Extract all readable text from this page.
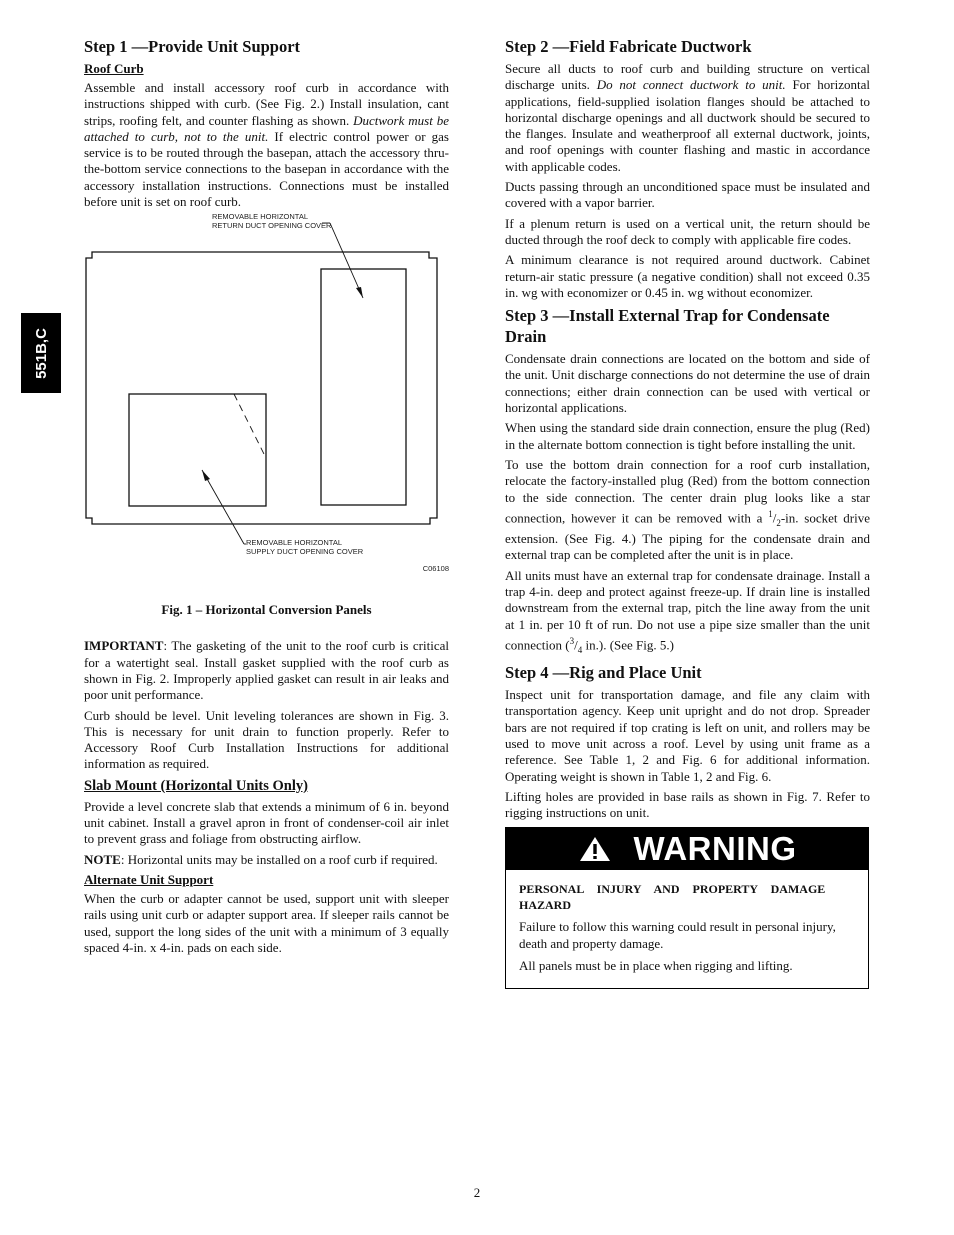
551B,C
Step 1 —Provide Unit Support
Roof Curb

Assemble and install accessory roof curb in accordance with instructions shipped with curb. (See Fig. 2.) Install insulation, cant strips, roofing felt, and counter flashing as shown. Ductwork must be attached to curb, not to the unit. If electric control power or gas service is to be routed through the basepan, attach the accessory thru-the-bottom service connections to the basepan in accordance with the accessory installation instructions. Connections must be installed before unit is set on roof curb.

REMOVABLE HORIZONTAL
RETURN DUCT OPENING COVER
REMOVABLE HORIZONTAL
SUPPLY DUCT OPENING COVER
C06108
Fig. 1 – Horizontal Conversion Panels

IMPORTANT: The gasketing of the unit to the roof curb is critical for a watertight seal. Install gasket supplied with the roof curb as shown in Fig. 2. Improperly applied gasket can result in air leaks and poor unit performance.

Curb should be level. Unit leveling tolerances are shown in Fig. 3. This is necessary for unit drain to function properly. Refer to Accessory Roof Curb Installation Instructions for additional information as required.

Slab Mount (Horizontal Units Only)

Provide a level concrete slab that extends a minimum of 6 in. beyond unit cabinet. Install a gravel apron in front of condenser-coil air inlet to prevent grass and foliage from obstructing airflow.

NOTE: Horizontal units may be installed on a roof curb if required.

Alternate Unit Support

When the curb or adapter cannot be used, support unit with sleeper rails using unit curb or adapter support area. If sleeper rails cannot be used, support the long sides of the unit with a minimum of 3 equally spaced 4-in. x 4-in. pads on each side.

Step 2 —Field Fabricate Ductwork

Secure all ducts to roof curb and building structure on vertical discharge units. Do not connect ductwork to unit. For horizontal applications, field-supplied isolation flanges should be attached to horizontal discharge openings and all ductwork should be secured to the flanges. Insulate and weatherproof all external ductwork, joints, and roof openings with counter flashing and mastic in accordance with applicable codes.

Ducts passing through an unconditioned space must be insulated and covered with a vapor barrier.

If a plenum return is used on a vertical unit, the return should be ducted through the roof deck to comply with applicable fire codes.

A minimum clearance is not required around ductwork. Cabinet return-air static pressure (a negative condition) shall not exceed 0.35 in. wg with economizer or 0.45 in. wg without economizer.

Step 3 —Install External Trap for Condensate Drain

Condensate drain connections are located on the bottom and side of the unit. Unit discharge connections do not determine the use of drain connections; either drain connection can be used with vertical or horizontal applications.

When using the standard side drain connection, ensure the plug (Red) in the alternate bottom connection is tight before installing the unit.

To use the bottom drain connection for a roof curb installation, relocate the factory-installed plug (Red) from the bottom connection to the side connection. The center drain plug looks like a star connection, however it can be removed with a $^1/_2-in$. socket drive extension. (See Fig. 4.) The piping for the condensate drain and external trap can be completed after the unit is in place.

All units must have an external trap for condensate drainage. Install a trap 4-in. deep and protect against freeze-up. If drain line is installed downstream from the external trap, pitch the line away from the unit at 1 in. per 10 ft of run. Do not use a pipe size smaller than the unit connection ($^3/_4$ in.). (See Fig. 5.)

Step 4 —Rig and Place Unit

Inspect unit for transportation damage, and file any claim with transportation agency. Keep unit upright and do not drop. Spreader bars are not required if top crating is left on unit, and rollers may be used to move unit across a roof. Level by using unit frame as a reference. See Table 1, 2 and Fig. 6 for additional information. Operating weight is shown in Table 1, 2 and Fig. 6.

Lifting holes are provided in base rails as shown in Fig. 7. Refer to rigging instructions on unit.

WARNING
PERSONAL INJURY AND PROPERTY DAMAGE
HAZARD

Failure to follow this warning could result in personal injury, death and property damage.

All panels must be in place when rigging and lifting.

2
